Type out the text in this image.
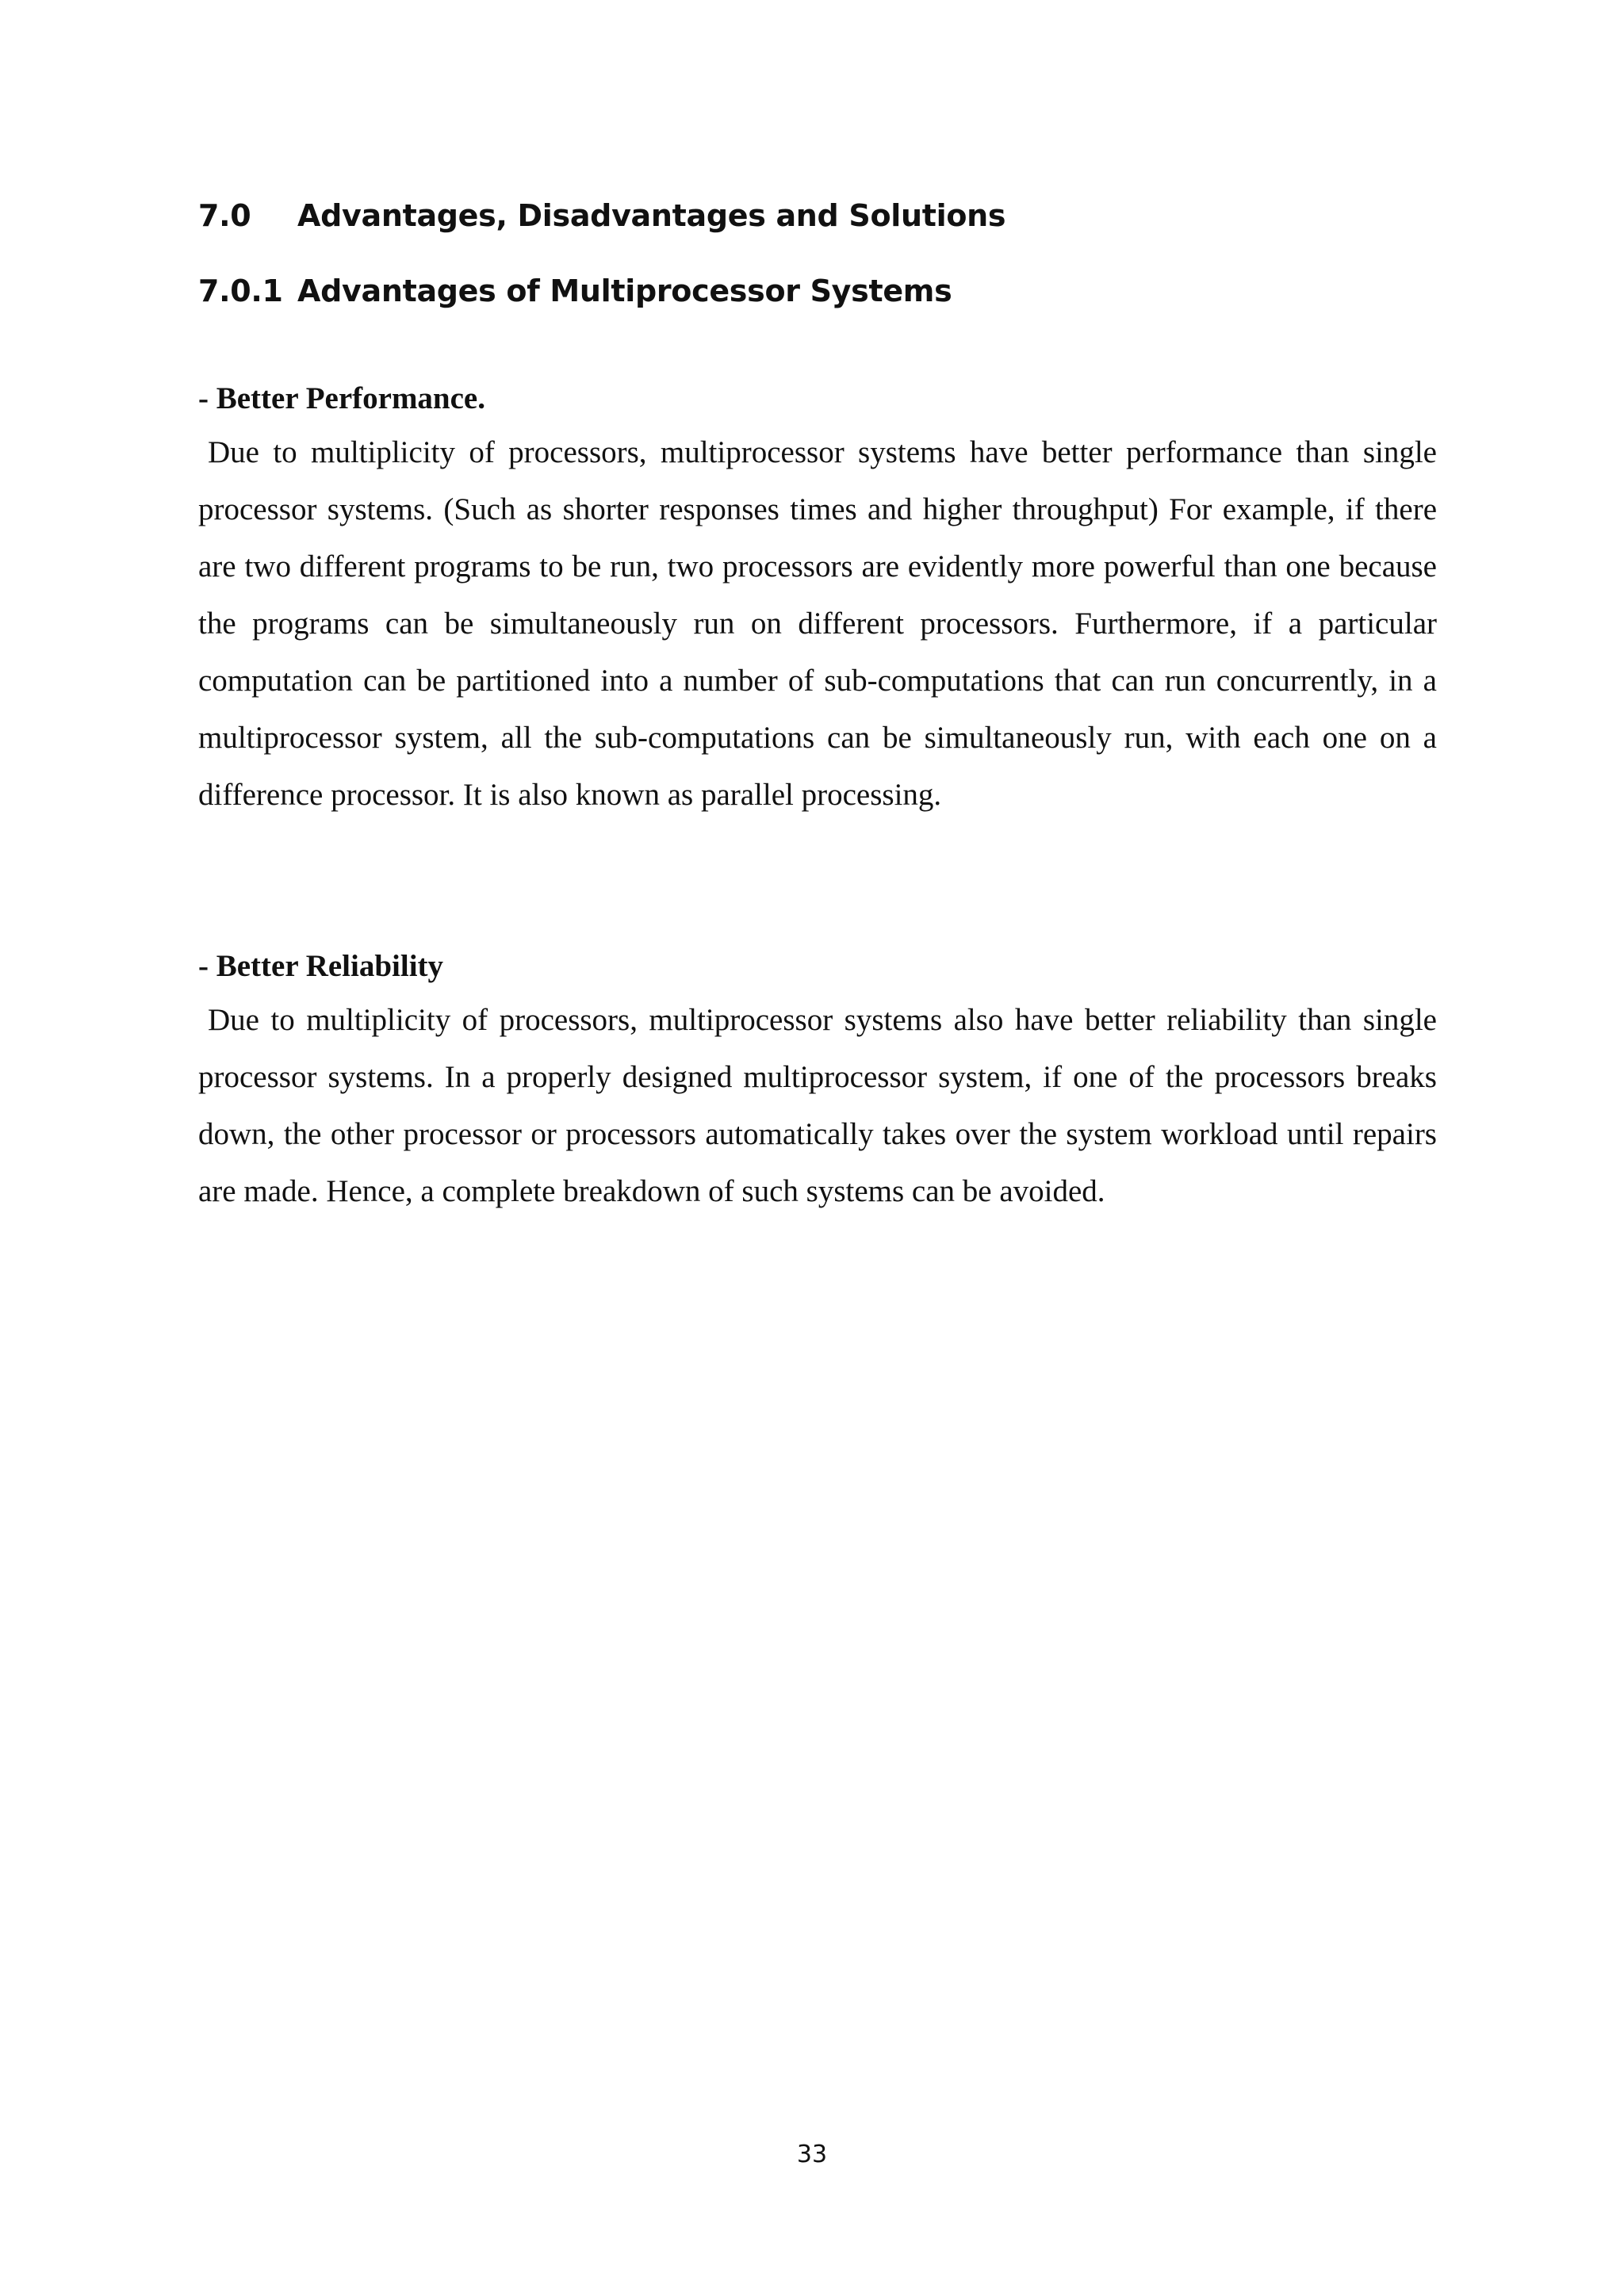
7.0 Advantages, Disadvantages and Solutions
7.0.1 Advantages of Multiprocessor Systems
- Better Performance.

Due to multiplicity of processors, multiprocessor systems have better performance than single processor systems. (Such as shorter responses times and higher throughput) For example, if there are two different programs to be run, two processors are evidently more powerful than one because the programs can be simultaneously run on different processors. Furthermore, if a particular computation can be partitioned into a number of sub-computations that can run concurrently, in a multiprocessor system, all the sub-computations can be simultaneously run, with each one on a difference processor. It is also known as parallel processing.

- Better Reliability

Due to multiplicity of processors, multiprocessor systems also have better reliability than single processor systems. In a properly designed multiprocessor system, if one of the processors breaks down, the other processor or processors automatically takes over the system workload until repairs are made. Hence, a complete breakdown of such systems can be avoided.

33
